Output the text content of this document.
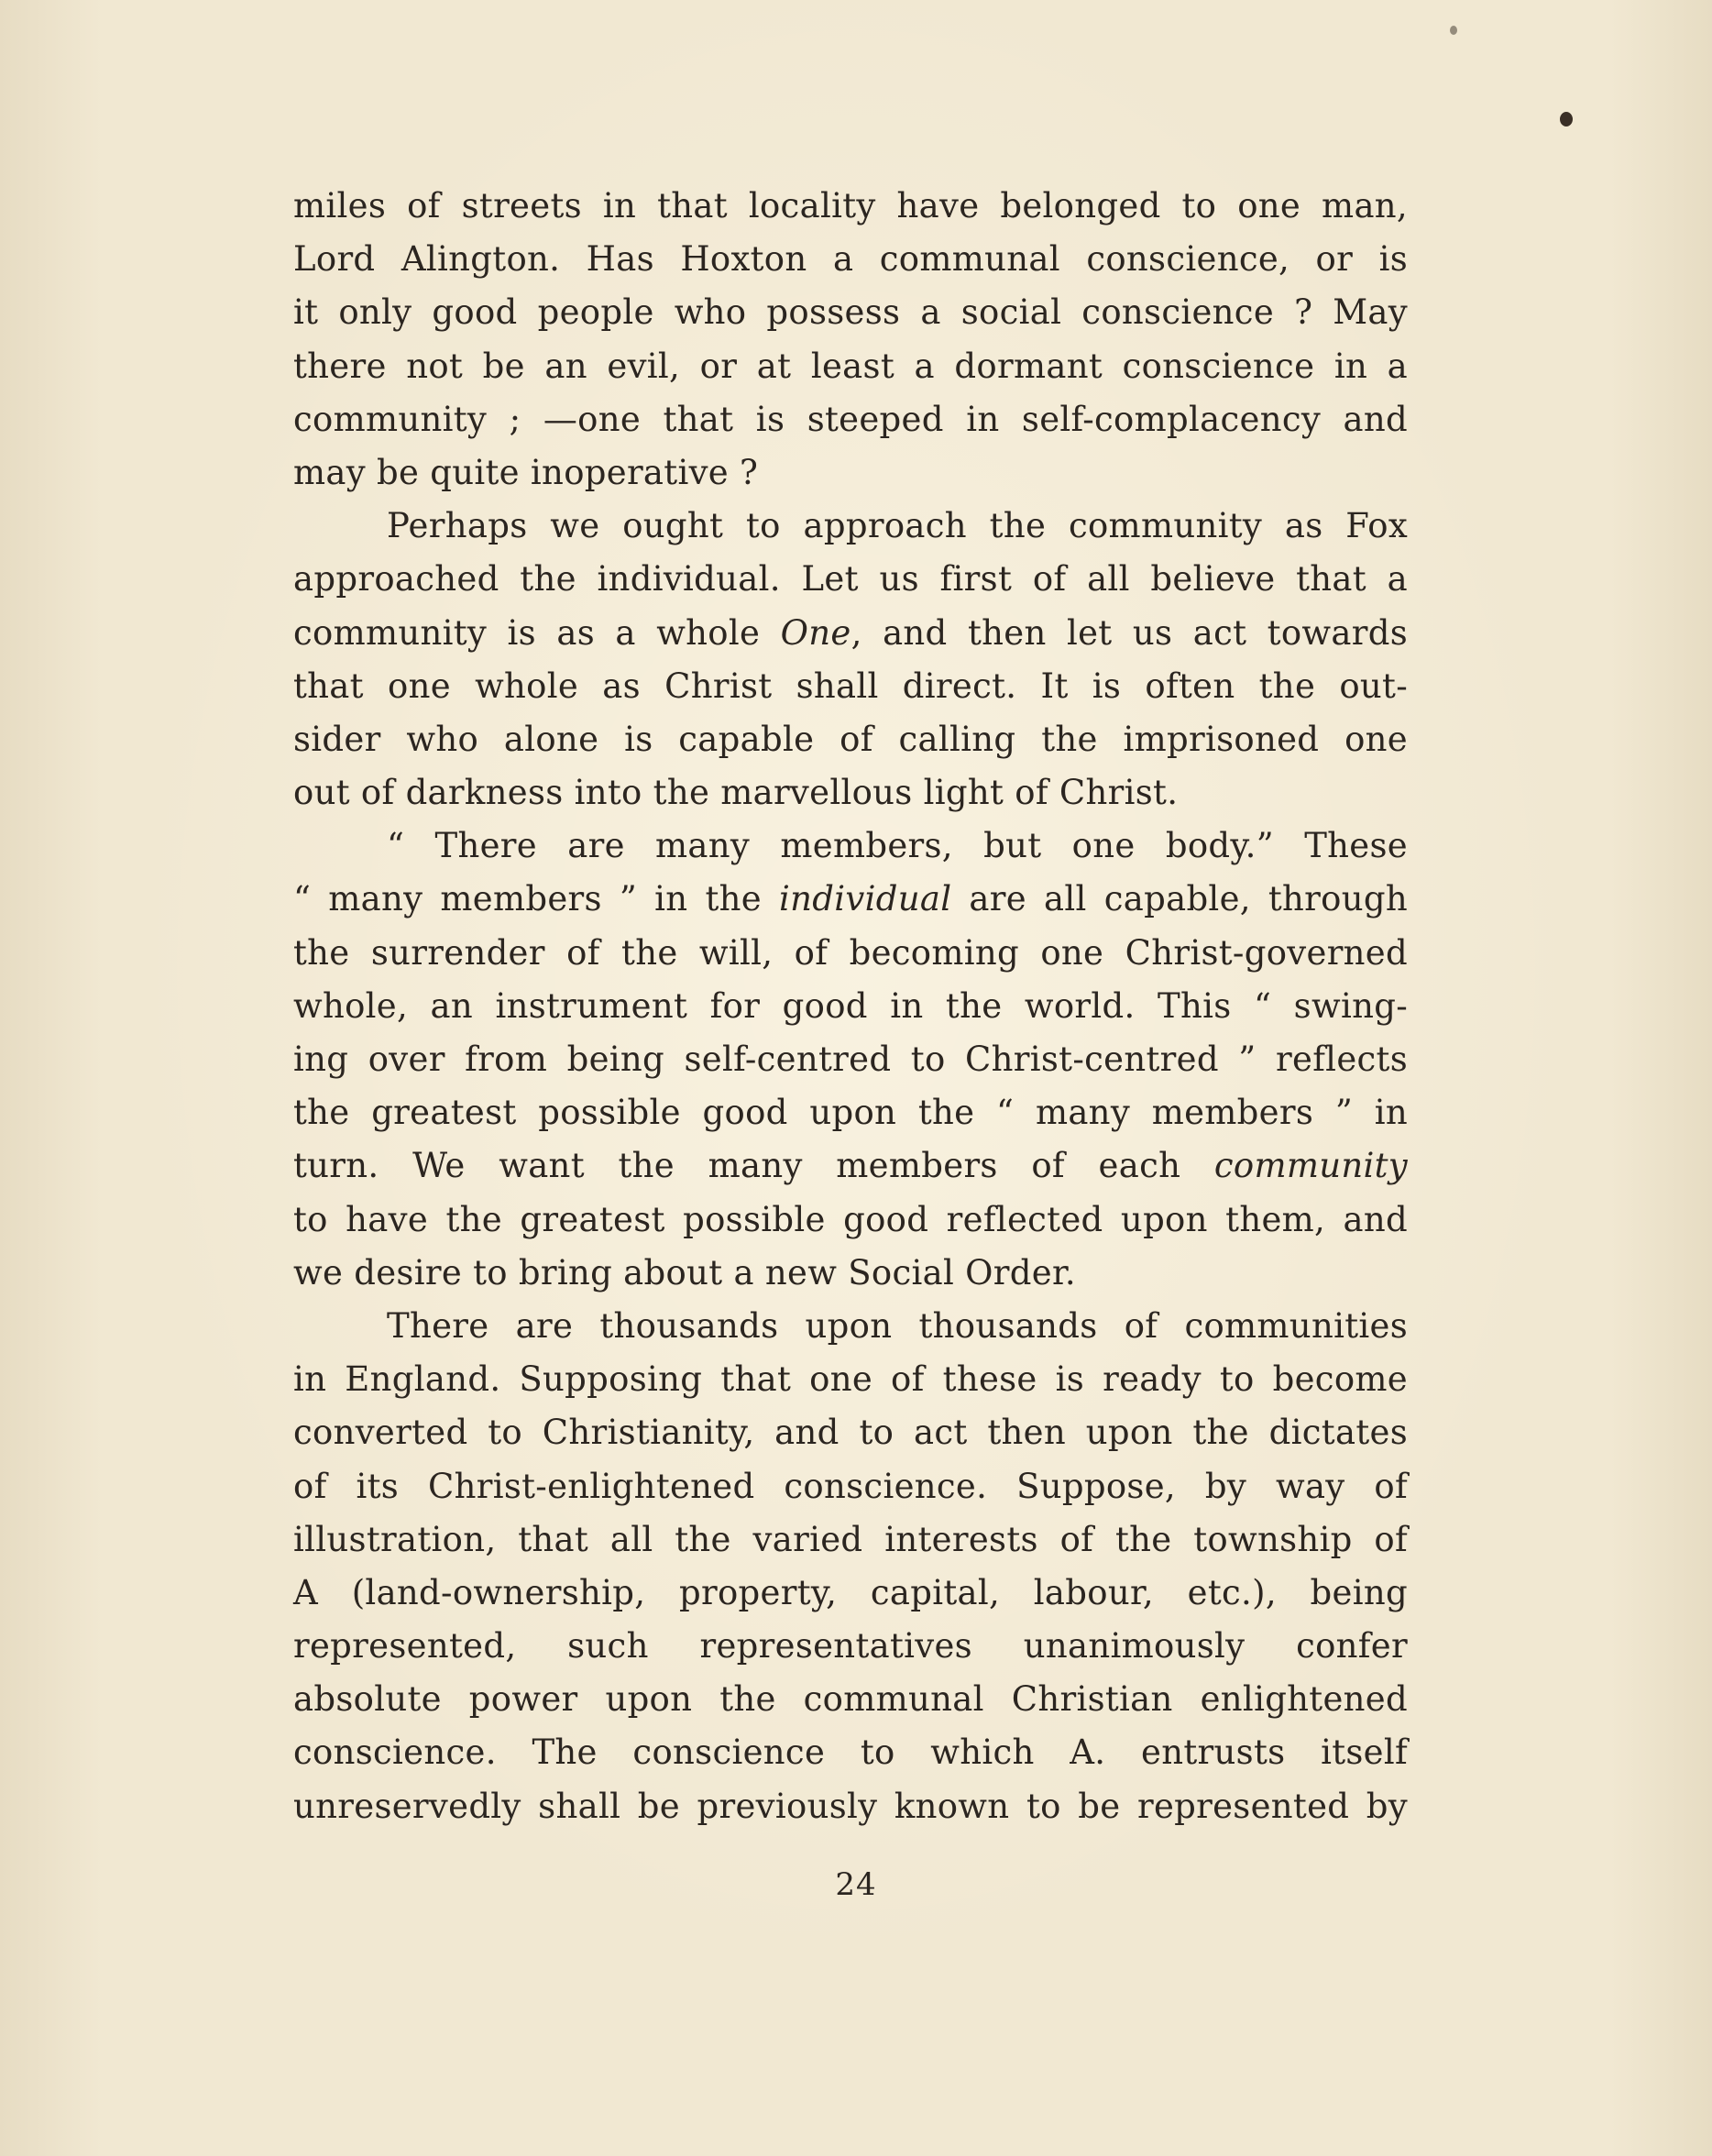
miles of streets in that locality have belonged to one man,
Lord Alington. Has Hoxton a communal conscience, or is
it only good people who possess a social conscience ? May
there not be an evil, or at least a dormant conscience in a
community ; —one that is steeped in self-complacency and
may be quite inoperative ?
Perhaps we ought to approach the community as Fox
approached the individual. Let us first of all believe that a
community is as a whole One, and then let us act towards
that one whole as Christ shall direct. It is often the out-
sider who alone is capable of calling the imprisoned one
out of darkness into the marvellous light of Christ.
“ There are many members, but one body.” These
“ many members ” in the individual are all capable, through
the surrender of the will, of becoming one Christ-governed
whole, an instrument for good in the world. This “ swing-
ing over from being self-centred to Christ-centred ” reflects
the greatest possible good upon the “ many members ” in
turn. We want the many members of each community
to have the greatest possible good reflected upon them, and
we desire to bring about a new Social Order.
There are thousands upon thousands of communities
in England. Supposing that one of these is ready to become
converted to Christianity, and to act then upon the dictates
of its Christ-enlightened conscience. Suppose, by way of
illustration, that all the varied interests of the township of
A (land-ownership, property, capital, labour, etc.), being
represented, such representatives unanimously confer
absolute power upon the communal Christian enlightened
conscience. The conscience to which A. entrusts itself
unreservedly shall be previously known to be represented by
24
